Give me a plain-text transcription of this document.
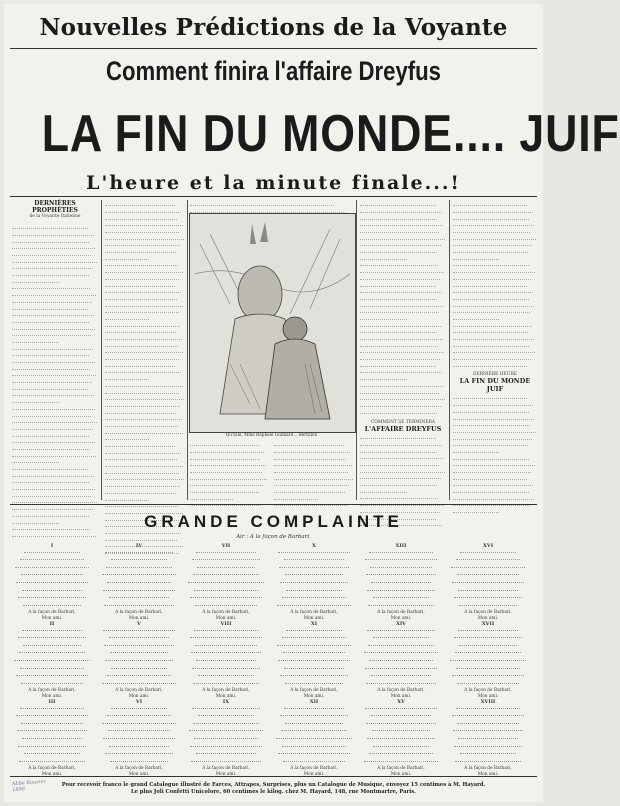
Nouvelles Prédictions de la Voyante
Comment finira l'affaire Dreyfus
LA FIN DU MONDE.... JUIF
L'heure et la minute finale...!
DERNIÈRES PROPHÉTIES
de la Voyante Italienne
Qu'Elle, Mme Raphaël Guimard... Bertillon
COMMENT SE TERMINERA
L'AFFAIRE DREYFUS
DERNIÈRE HEURE
LA FIN DU MONDE JUIF
GRANDE COMPLAINTE
Air : A la façon de Barbari.
I
A la façon de Barbari,
Mon ami.
II
A la façon de Barbari,
Mon ami.
III
A la façon de Barbari,
Mon ami.
IV
A la façon de Barbari,
Mon ami.
V
A la façon de Barbari,
Mon ami.
VI
A la façon de Barbari,
Mon ami.
VII
A la façon de Barbari,
Mon ami.
VIII
A la façon de Barbari,
Mon ami.
IX
A la façon de Barbari,
Mon ami.
X
A la façon de Barbari,
Mon ami.
XI
A la façon de Barbari,
Mon ami.
XII
A la façon de Barbari,
Mon ami.
XIII
A la façon de Barbari,
Mon ami.
XIV
A la façon de Barbari,
Mon ami.
XV
A la façon de Barbari,
Mon ami.
XVI
A la façon de Barbari,
Mon ami.
XVII
A la façon de Barbari,
Mon ami.
XVIII
A la façon de Barbari,
Mon ami.
Pour recevoir franco le grand Catalogue illustré de Farces, Attrapes, Surprises, plus un Catalogue de Musique, envoyez 15 centimes à M. Hayard.
Le plus Joli Confetti Unicolore, 60 centimes le kilog. chez M. Hayard, 148, rue Montmartre, Paris.
Abbe Bouvier
1898
